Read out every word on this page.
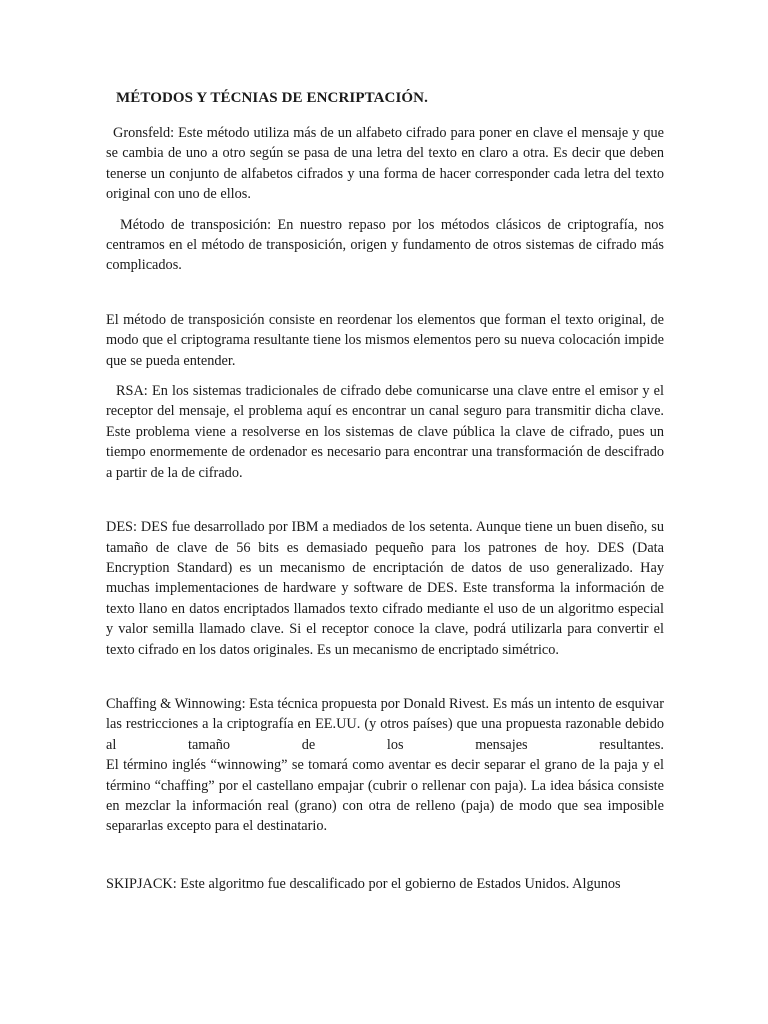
MÉTODOS Y TÉCNIAS DE ENCRIPTACIÓN.

Gronsfeld: Este método utiliza más de un alfabeto cifrado para poner en clave el mensaje y que se cambia de uno a otro según se pasa de una letra del texto en claro a otra. Es decir que deben tenerse un conjunto de alfabetos cifrados y una forma de hacer corresponder cada letra del texto original con uno de ellos.

Método de transposición: En nuestro repaso por los métodos clásicos de criptografía, nos centramos en el método de transposición, origen y fundamento de otros sistemas de cifrado más complicados.

El método de transposición consiste en reordenar los elementos que forman el texto original, de modo que el criptograma resultante tiene los mismos elementos pero su nueva colocación impide que se pueda entender.

RSA: En los sistemas tradicionales de cifrado debe comunicarse una clave entre el emisor y el receptor del mensaje, el problema aquí es encontrar un canal seguro para transmitir dicha clave. Este problema viene a resolverse en los sistemas de clave pública la clave de cifrado, pues un tiempo enormemente de ordenador es necesario para encontrar una transformación de descifrado a partir de la de cifrado.

DES: DES fue desarrollado por IBM a mediados de los setenta. Aunque tiene un buen diseño, su tamaño de clave de 56 bits es demasiado pequeño para los patrones de hoy. DES (Data Encryption Standard) es un mecanismo de encriptación de datos de uso generalizado. Hay muchas implementaciones de hardware y software de DES. Este transforma la información de texto llano en datos encriptados llamados texto cifrado mediante el uso de un algoritmo especial y valor semilla llamado clave. Si el receptor conoce la clave, podrá utilizarla para convertir el texto cifrado en los datos originales. Es un mecanismo de encriptado simétrico.

Chaffing & Winnowing: Esta técnica propuesta por Donald Rivest. Es más un intento de esquivar las restricciones a la criptografía en EE.UU. (y otros países) que una propuesta razonable debido al tamaño de los mensajes resultantes.
El término inglés “winnowing” se tomará como aventar es decir separar el grano de la paja y el término “chaffing” por el castellano empajar (cubrir o rellenar con paja). La idea básica consiste en mezclar la información real (grano) con otra de relleno (paja) de modo que sea imposible separarlas excepto para el destinatario.

SKIPJACK: Este algoritmo fue descalificado por el gobierno de Estados Unidos. Algunos
